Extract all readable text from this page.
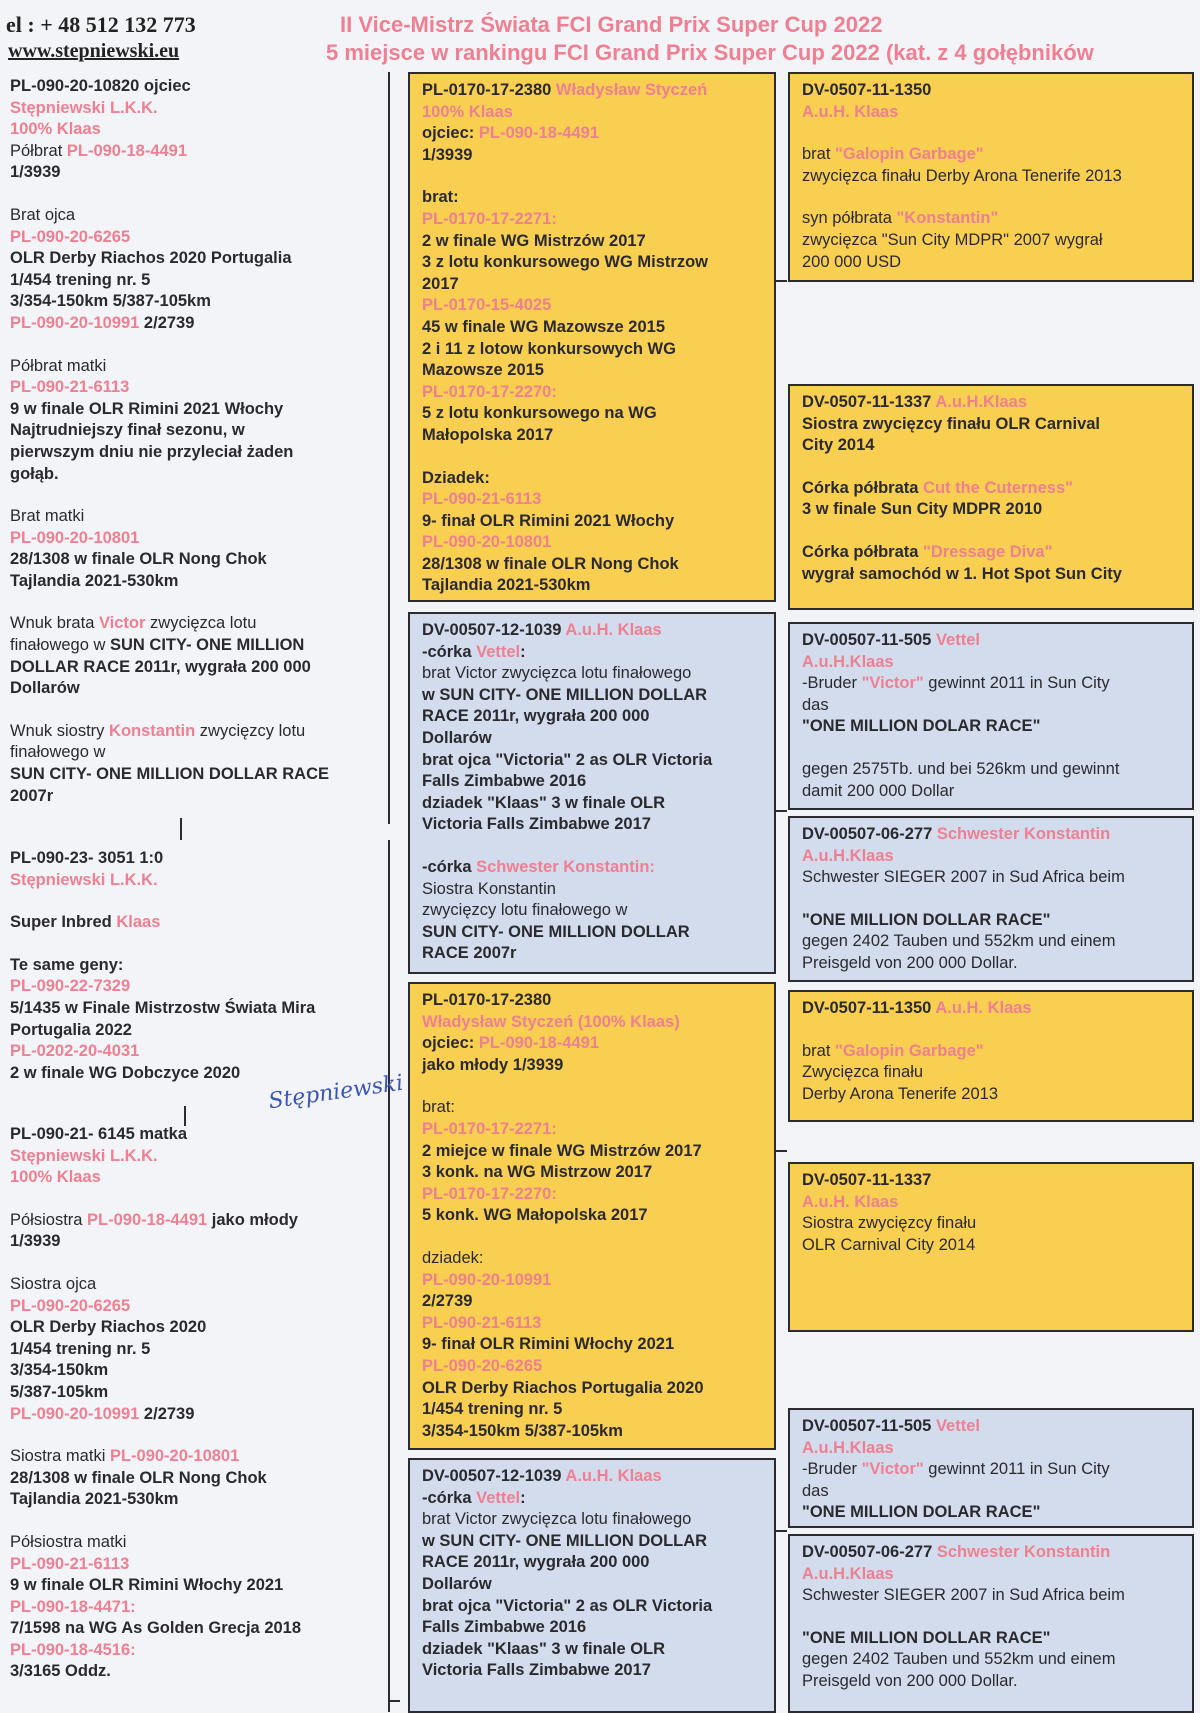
el : + 48 512 132 773
www.stepniewski.eu
II Vice-Mistrz Świata FCI Grand Prix Super Cup 2022
5 miejsce w rankingu FCI Grand Prix Super Cup 2022 (kat. z 4 gołębników
PL-090-20-10820 ojciec
Stępniewski L.K.K.
100% Klaas
Półbrat PL-090-18-4491
1/3939
Brat ojca
PL-090-20-6265
OLR Derby Riachos 2020 Portugalia
1/454 trening nr. 5
3/354-150km 5/387-105km
PL-090-20-10991 2/2739
Półbrat matki
PL-090-21-6113
9 w finale OLR Rimini 2021 Włochy
Najtrudniejszy finał sezonu, w
pierwszym dniu nie przyleciał żaden
gołąb.
Brat matki
PL-090-20-10801
28/1308 w finale OLR Nong Chok
Tajlandia 2021-530km
Wnuk brata Victor zwycięzca lotu
finałowego w SUN CITY- ONE MILLION
DOLLAR RACE 2011r, wygrała 200 000
Dollarów
Wnuk siostry Konstantin zwycięzcy lotu
finałowego w
SUN CITY- ONE MILLION DOLLAR RACE
2007r
PL-090-23- 3051 1:0
Stępniewski L.K.K.
Super Inbred Klaas
Te same geny:
PL-090-22-7329
5/1435 w Finale Mistrzostw Świata Mira
Portugalia 2022
PL-0202-20-4031
2 w finale WG Dobczyce 2020
PL-090-21- 6145 matka
Stępniewski L.K.K.
100% Klaas
Półsiostra PL-090-18-4491 jako młody
1/3939
Siostra ojca
PL-090-20-6265
OLR Derby Riachos 2020
1/454 trening nr. 5
3/354-150km
5/387-105km
PL-090-20-10991 2/2739
Siostra matki PL-090-20-10801
28/1308 w finale OLR Nong Chok
Tajlandia 2021-530km
Półsiostra matki
PL-090-21-6113
9 w finale OLR Rimini Włochy 2021
PL-090-18-4471:
7/1598 na WG As Golden Grecja 2018
PL-090-18-4516:
3/3165 Oddz.
PL-0170-17-2380 Władysław Styczeń
100% Klaas
ojciec: PL-090-18-4491
1/3939
brat:
PL-0170-17-2271:
2 w finale WG Mistrzów 2017
3 z lotu konkursowego WG Mistrzow
2017
PL-0170-15-4025
45 w finale WG Mazowsze 2015
2 i 11 z lotow konkursowych WG
Mazowsze 2015
PL-0170-17-2270:
5 z lotu konkursowego na WG
Małopolska 2017
Dziadek:
PL-090-21-6113
9- finał OLR Rimini 2021 Włochy
PL-090-20-10801
28/1308 w finale OLR Nong Chok
Tajlandia 2021-530km
DV-00507-12-1039 A.u.H. Klaas
-córka Vettel:
brat Victor zwycięzca lotu finałowego
w SUN CITY- ONE MILLION DOLLAR
RACE 2011r, wygrała 200 000
Dollarów
brat ojca "Victoria" 2 as OLR Victoria
Falls Zimbabwe 2016
dziadek "Klaas" 3 w finale OLR
Victoria Falls Zimbabwe 2017
-córka Schwester Konstantin:
Siostra Konstantin
zwycięzcy lotu finałowego w
SUN CITY- ONE MILLION DOLLAR
RACE 2007r
PL-0170-17-2380
Władysław Styczeń (100% Klaas)
ojciec: PL-090-18-4491
jako młody 1/3939
brat:
PL-0170-17-2271:
2 miejce w finale WG Mistrzów 2017
3 konk. na WG Mistrzow 2017
PL-0170-17-2270:
5 konk. WG Małopolska 2017
dziadek:
PL-090-20-10991
2/2739
PL-090-21-6113
9- finał OLR Rimini Włochy 2021
PL-090-20-6265
OLR Derby Riachos Portugalia 2020
1/454 trening nr. 5
3/354-150km 5/387-105km
DV-00507-12-1039 A.u.H. Klaas
-córka Vettel:
brat Victor zwycięzca lotu finałowego
w SUN CITY- ONE MILLION DOLLAR
RACE 2011r, wygrała 200 000
Dollarów
brat ojca "Victoria" 2 as OLR Victoria
Falls Zimbabwe 2016
dziadek "Klaas" 3 w finale OLR
Victoria Falls Zimbabwe 2017
DV-0507-11-1350
A.u.H. Klaas
brat "Galopin Garbage"
zwycięzca finału Derby Arona Tenerife 2013
syn półbrata "Konstantin"
zwycięzca "Sun City MDPR" 2007 wygrał
200 000 USD
DV-0507-11-1337 A.u.H.Klaas
Siostra zwycięzcy finału OLR Carnival
City 2014
Córka półbrata Cut the Cuterness"
3 w finale Sun City MDPR 2010
Córka półbrata "Dressage Diva"
wygrał samochód w 1. Hot Spot Sun City
DV-00507-11-505 Vettel
A.u.H.Klaas
-Bruder "Victor" gewinnt 2011 in Sun City
das
"ONE MILLION DOLAR RACE"
gegen 2575Tb. und bei 526km und gewinnt
damit 200 000 Dollar
DV-00507-06-277 Schwester Konstantin
A.u.H.Klaas
Schwester SIEGER 2007 in Sud Africa beim
"ONE MILLION DOLLAR RACE"
gegen 2402 Tauben und 552km und einem
Preisgeld von 200 000 Dollar.
DV-0507-11-1350 A.u.H. Klaas
brat "Galopin Garbage"
Zwycięzca finału
Derby Arona Tenerife 2013
DV-0507-11-1337
A.u.H. Klaas
Siostra zwycięzcy finału
OLR Carnival City 2014
DV-00507-11-505 Vettel
A.u.H.Klaas
-Bruder "Victor" gewinnt 2011 in Sun City
das
"ONE MILLION DOLAR RACE"
DV-00507-06-277 Schwester Konstantin
A.u.H.Klaas
Schwester SIEGER 2007 in Sud Africa beim
"ONE MILLION DOLLAR RACE"
gegen 2402 Tauben und 552km und einem
Preisgeld von 200 000 Dollar.
Stępniewski
